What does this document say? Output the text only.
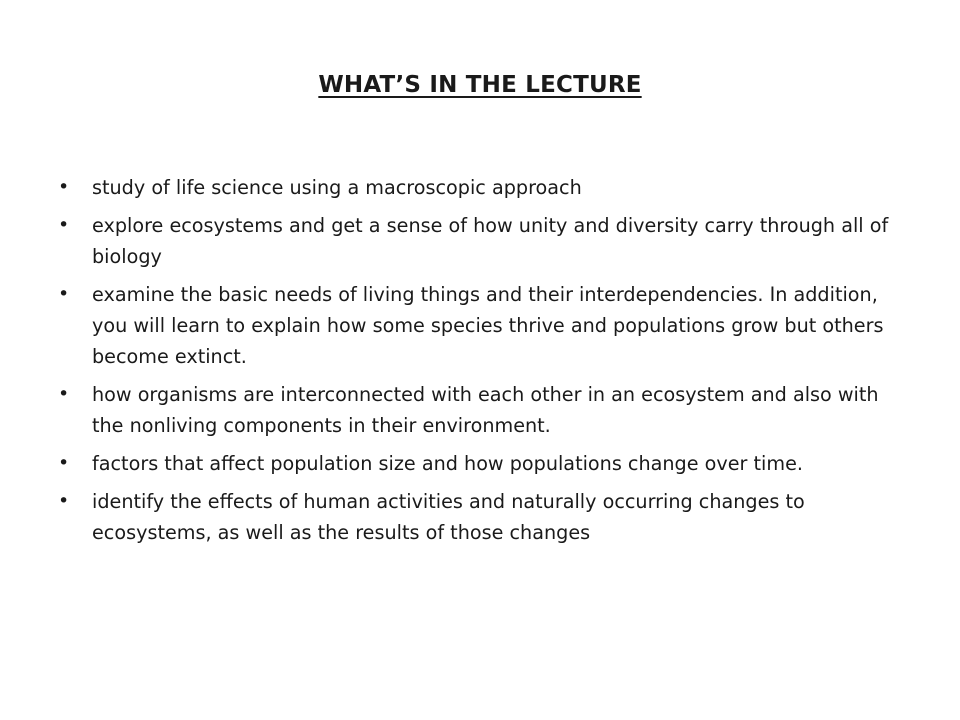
WHAT’S IN THE LECTURE
• study of life science using a macroscopic approach
• explore ecosystems and get a sense of how unity and diversity carry through all of biology
• examine the basic needs of living things and their interdependencies. In addition, you will learn to explain how some species thrive and populations grow but others become extinct.
• how organisms are interconnected with each other in an ecosystem and also with the nonliving components in their environment.
• factors that affect population size and how populations change over time.
• identify the effects of human activities and naturally occurring changes to ecosystems, as well as the results of those changes
